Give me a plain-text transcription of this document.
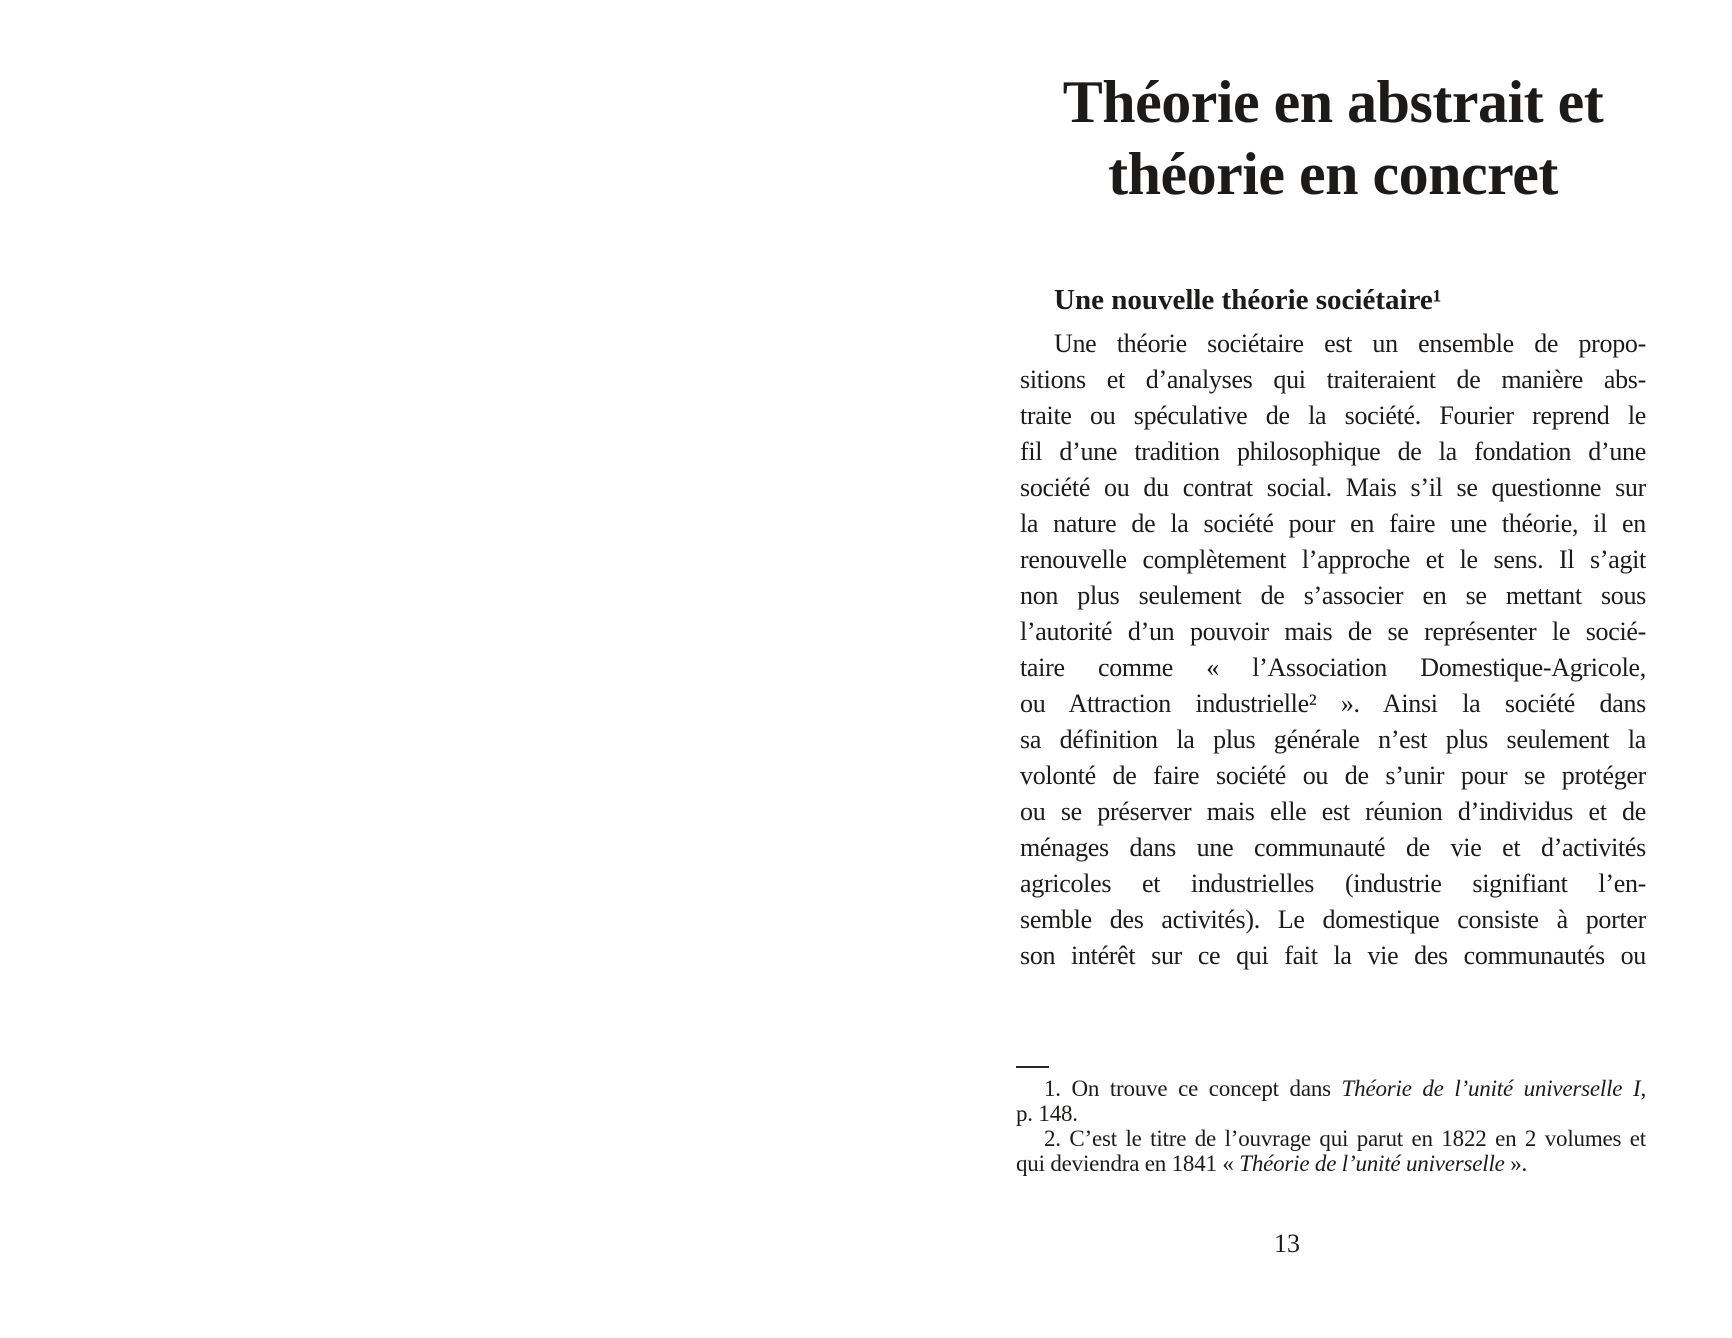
Théorie en abstrait et
théorie en concret
Une nouvelle théorie sociétaire¹
Une théorie sociétaire est un ensemble de propo-
sitions et d’analyses qui traiteraient de manière abs-
traite ou spéculative de la société. Fourier reprend le
fil d’une tradition philosophique de la fondation d’une
société ou du contrat social. Mais s’il se questionne sur
la nature de la société pour en faire une théorie, il en
renouvelle complètement l’approche et le sens. Il s’agit
non plus seulement de s’associer en se mettant sous
l’autorité d’un pouvoir mais de se représenter le socié-
taire comme « l’Association Domestique-Agricole,
ou Attraction industrielle² ». Ainsi la société dans
sa définition la plus générale n’est plus seulement la
volonté de faire société ou de s’unir pour se protéger
ou se préserver mais elle est réunion d’individus et de
ménages dans une communauté de vie et d’activités
agricoles et industrielles (industrie signifiant l’en-
semble des activités). Le domestique consiste à porter
son intérêt sur ce qui fait la vie des communautés ou
1. On trouve ce concept dans Théorie de l’unité universelle I,
p. 148.
2. C’est le titre de l’ouvrage qui parut en 1822 en 2 volumes et
qui deviendra en 1841 « Théorie de l’unité universelle ».
13
